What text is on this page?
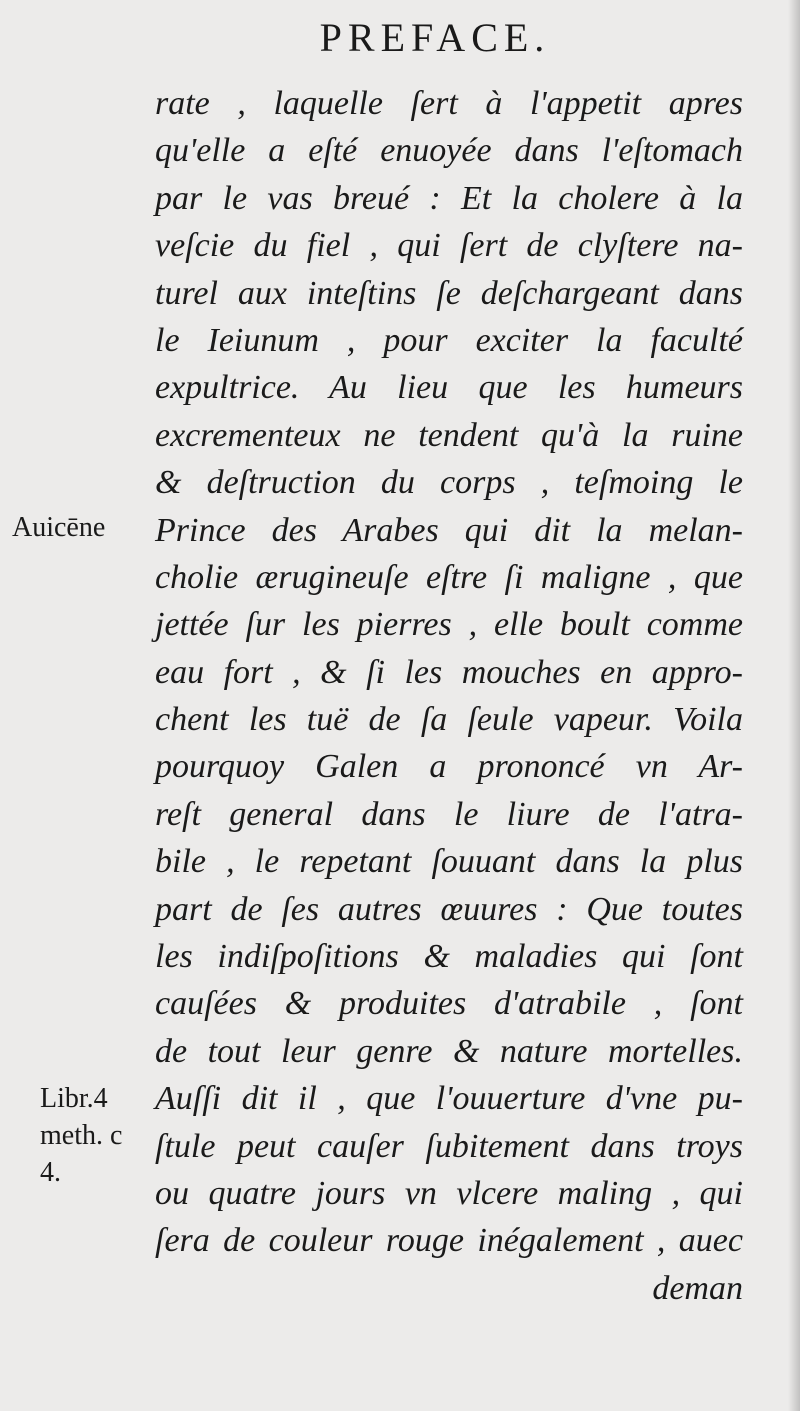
PREFACE.
rate , laquelle ſert à l'appetit apres
qu'elle a eſté enuoyée dans l'eſtomach
par le vas breué : Et la cholere à la
veſcie du fiel , qui ſert de clyſtere na-
turel aux inteſtins ſe deſchargeant dans
le Ieiunum , pour exciter la faculté
expultrice. Au lieu que les humeurs
excrementeux ne tendent qu'à la ruine
& deſtruction du corps , teſmoing le
Prince des Arabes qui dit la melan-
cholie ærugineuſe eſtre ſi maligne , que
jettée ſur les pierres , elle boult comme
eau fort , & ſi les mouches en appro-
chent les tuë de ſa ſeule vapeur. Voila
pourquoy Galen a prononcé vn Ar-
reſt general dans le liure de l'atra-
bile , le repetant ſouuant dans la plus
part de ſes autres œuures : Que toutes
les indiſpoſitions & maladies qui ſont
cauſées & produites d'atrabile , ſont
de tout leur genre & nature mortelles.
Auſſi dit il , que l'ouuerture d'vne pu-
ſtule peut cauſer ſubitement dans troys
ou quatre jours vn vlcere maling , qui
ſera de couleur rouge inégalement , auec
deman
Auicēne
Libr.4
meth. c
4.
